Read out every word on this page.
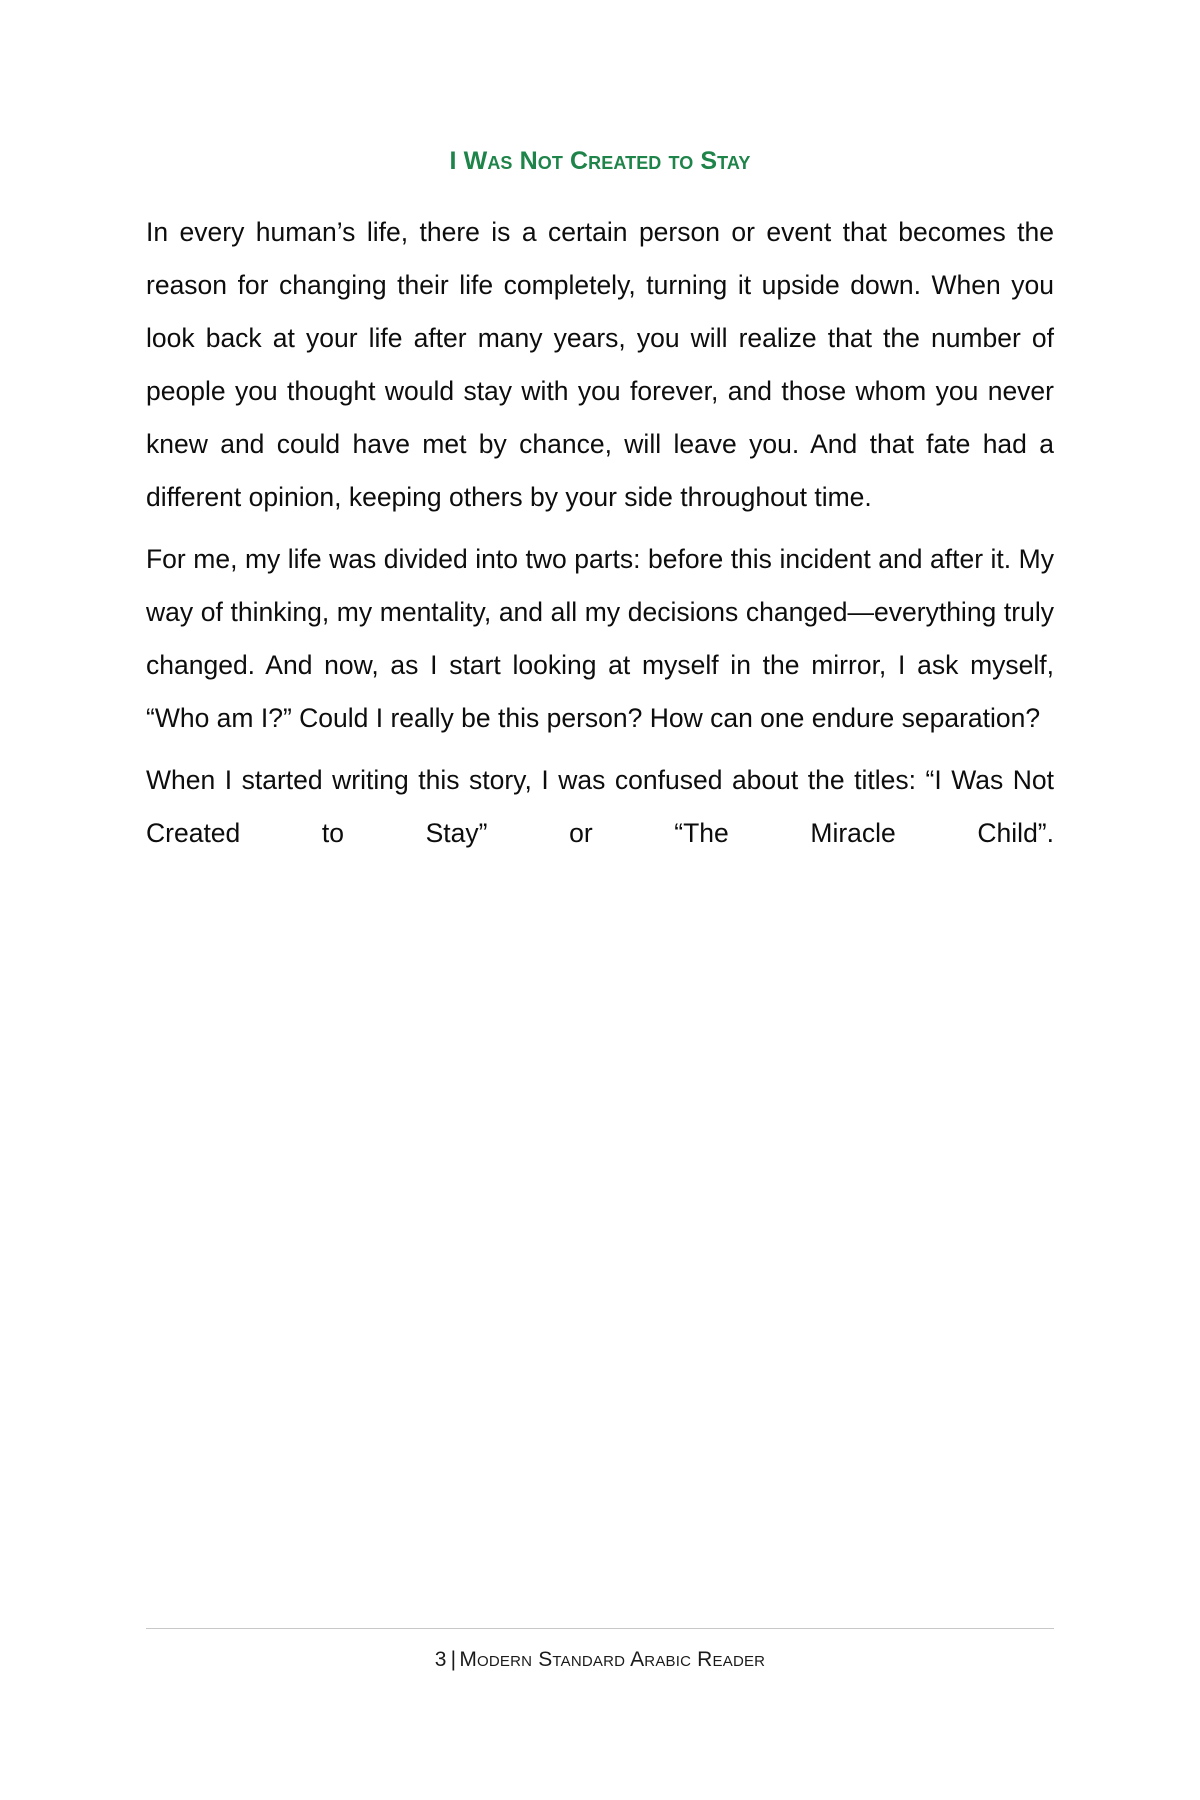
I Was Not Created to Stay

In every human’s life, there is a certain person or event that becomes the reason for changing their life completely, turning it upside down. When you look back at your life after many years, you will realize that the number of people you thought would stay with you forever, and those whom you never knew and could have met by chance, will leave you. And that fate had a different opinion, keeping others by your side throughout time.

For me, my life was divided into two parts: before this incident and after it. My way of thinking, my mentality, and all my decisions changed—everything truly changed. And now, as I start looking at myself in the mirror, I ask myself, “Who am I?” Could I really be this person? How can one endure separation?

When I started writing this story, I was confused about the titles: “I Was Not Created to Stay” or “The Miracle Child”.

3 | Modern Standard Arabic Reader
